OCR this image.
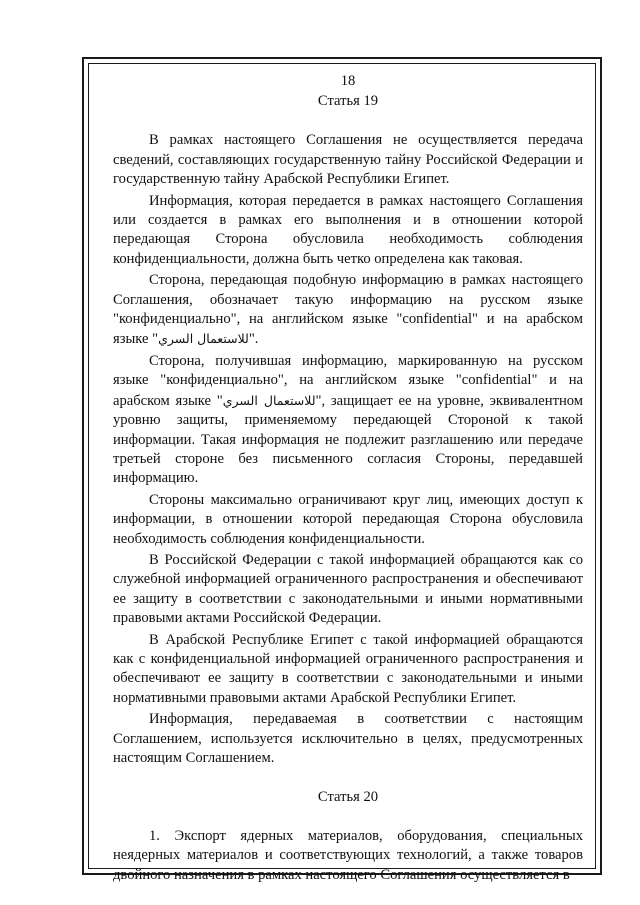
18

Статья 19

В рамках настоящего Соглашения не осуществляется передача сведений, составляющих государственную тайну Российской Федерации и государственную тайну Арабской Республики Египет.

Информация, которая передается в рамках настоящего Соглашения или создается в рамках его выполнения и в отношении которой передающая Сторона обусловила необходимость соблюдения конфиденциальности, должна быть четко определена как таковая.

Сторона, передающая подобную информацию в рамках настоящего Соглашения, обозначает такую информацию на русском языке "конфиденциально", на английском языке "confidential" и на арабском языке "للاستعمال السري".

Сторона, получившая информацию, маркированную на русском языке "конфиденциально", на английском языке "confidential" и на арабском языке "للاستعمال السري", защищает ее на уровне, эквивалентном уровню защиты, применяемому передающей Стороной к такой информации. Такая информация не подлежит разглашению или передаче третьей стороне без письменного согласия Стороны, передавшей информацию.

Стороны максимально ограничивают круг лиц, имеющих доступ к информации, в отношении которой передающая Сторона обусловила необходимость соблюдения конфиденциальности.

В Российской Федерации с такой информацией обращаются как со служебной информацией ограниченного распространения и обеспечивают ее защиту в соответствии с законодательными и иными нормативными правовыми актами Российской Федерации.

В Арабской Республике Египет с такой информацией обращаются как с конфиденциальной информацией ограниченного распространения и обеспечивают ее защиту в соответствии с законодательными и иными нормативными правовыми актами Арабской Республики Египет.

Информация, передаваемая в соответствии с настоящим Соглашением, используется исключительно в целях, предусмотренных настоящим Соглашением.

Статья 20

1. Экспорт ядерных материалов, оборудования, специальных неядерных материалов и соответствующих технологий, а также товаров двойного назначения в рамках настоящего Соглашения осуществляется в
